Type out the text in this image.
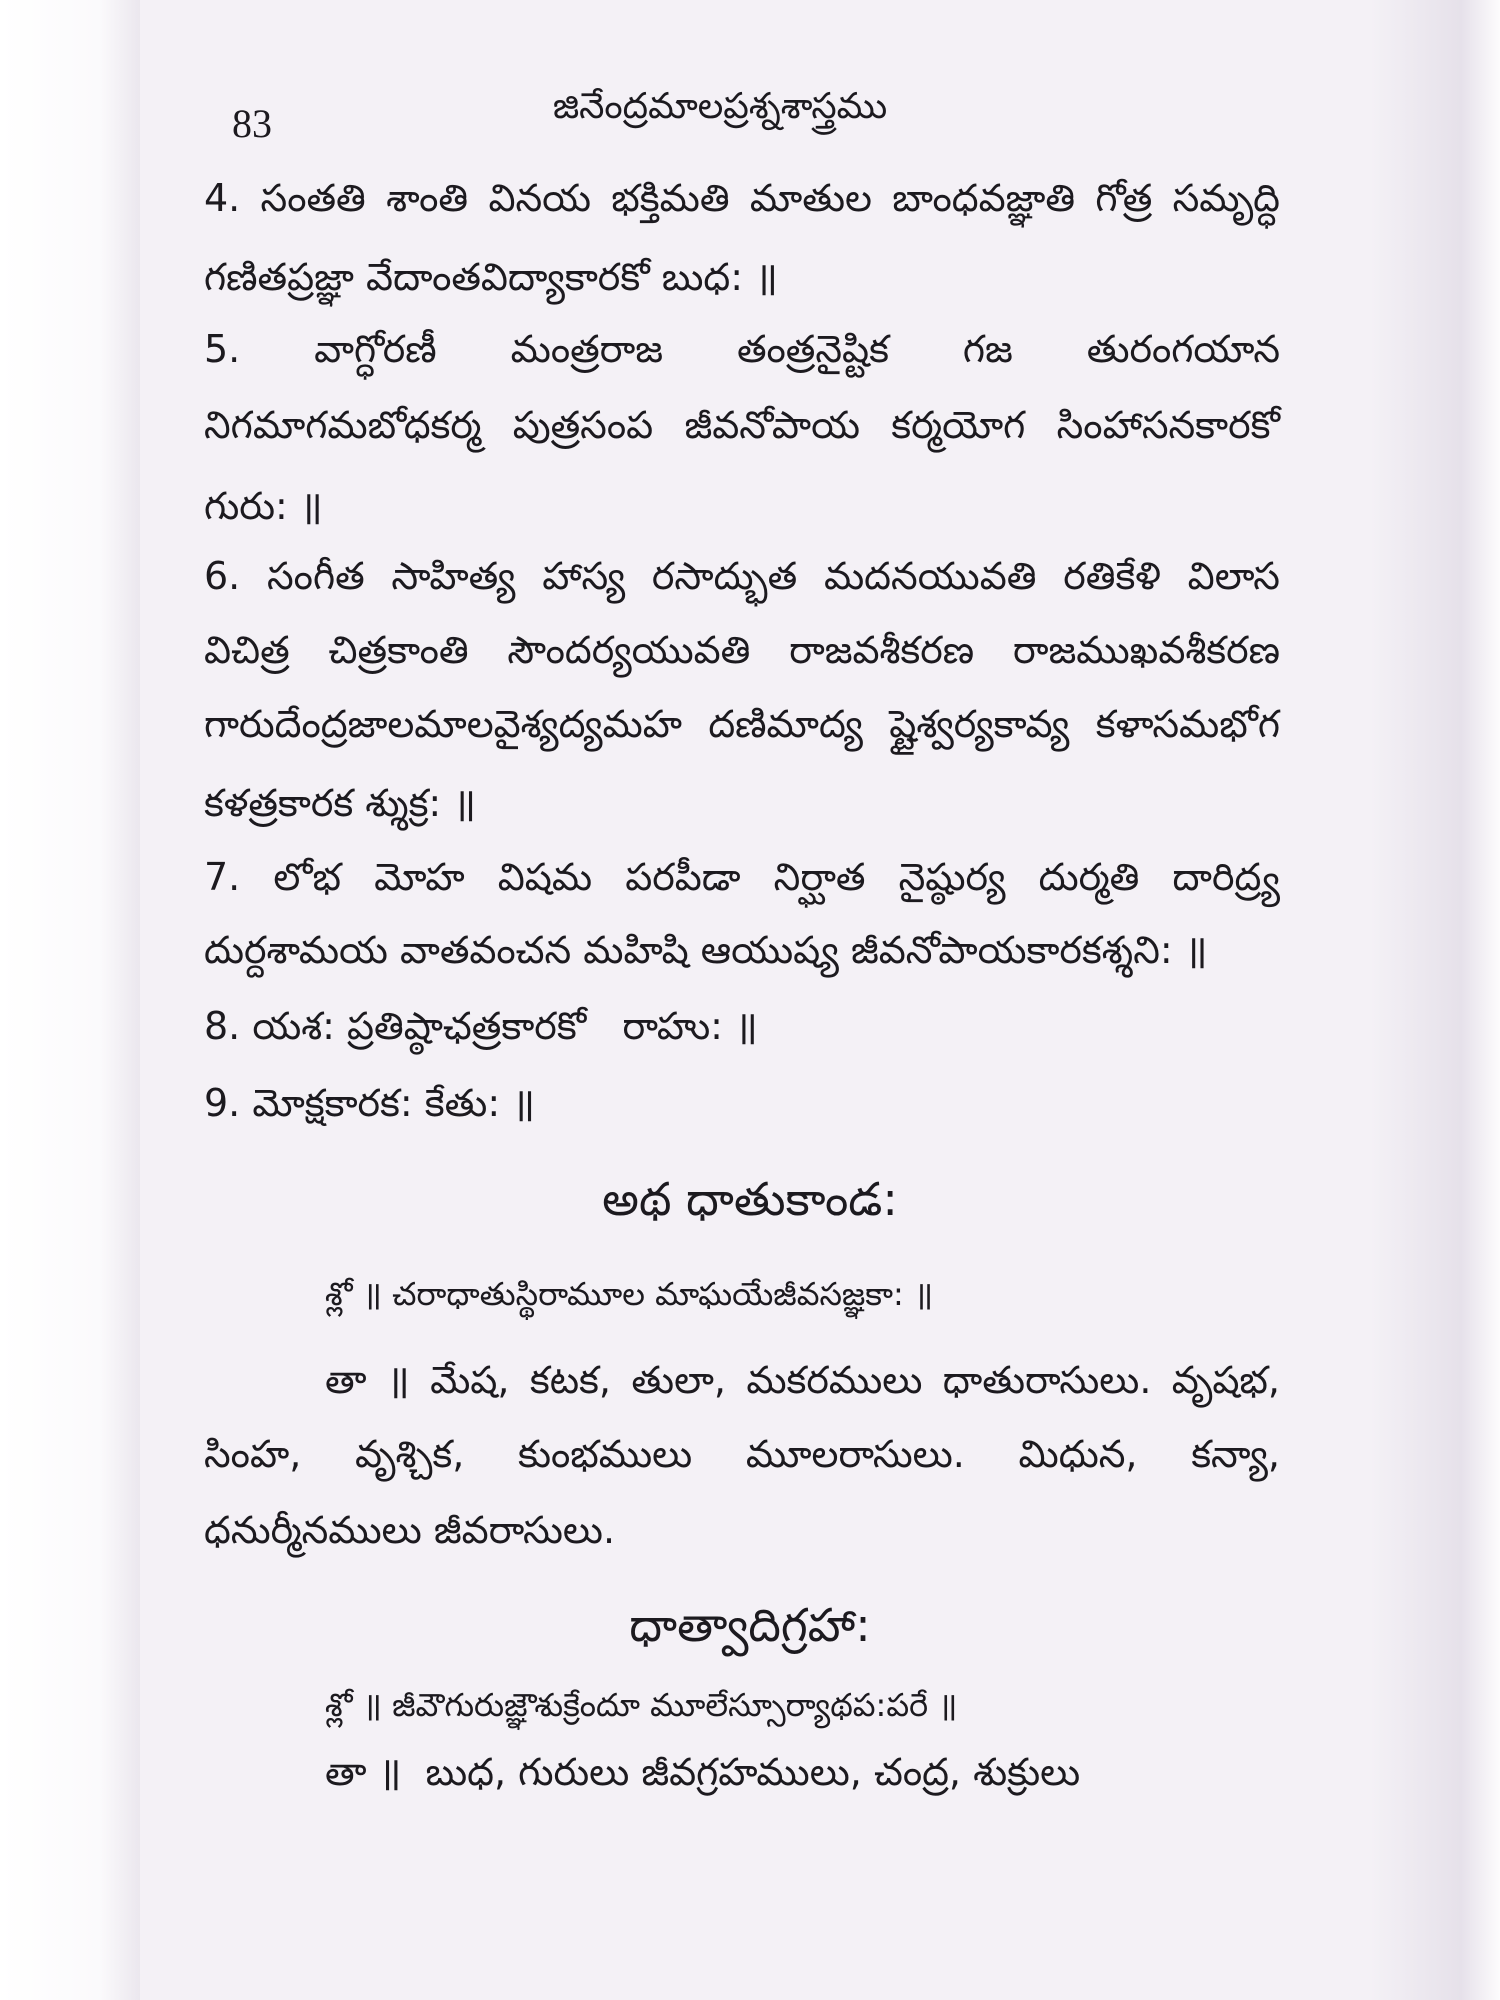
83	జినేంద్రమాలప్రశ్నశాస్త్రము
4. సంతతి శాంతి వినయ భక్తిమతి మాతుల బాంధవజ్ఞాతి గోత్ర సమృద్ధి
గణితప్రజ్ఞా వేదాంతవిద్యాకారకో బుధ: ॥
5. వాగ్ధోరణీ మంత్రరాజ తంత్రనైష్టిక గజ తురంగయాన
నిగమాగమబోధకర్మ పుత్రసంప జీవనోపాయ కర్మయోగ సింహాసనకారకో
గురు: ॥
6. సంగీత సాహిత్య హాస్య రసాద్భుత మదనయువతి రతికేళి విలాస
విచిత్ర చిత్రకాంతి సౌందర్యయువతి రాజవశీకరణ రాజముఖవశీకరణ
గారుదేంద్రజాలమాలవైశ్యద్యమహ దణిమాద్య ష్టైశ్వర్యకావ్య కళాసమభోగ
కళత్రకారక శ్శుక్ర: ॥
7. లోభ మోహ విషమ పరపీడా నిర్ఘాత నైష్ఠుర్య దుర్మతి దారిద్ర్య
దుర్దశామయ వాతవంచన మహిషి ఆయుష్య జీవనోపాయకారకశ్శని: ॥
8. యశ: ప్రతిష్ఠాఛత్రకారకో   రాహు: ॥
9. మోక్షకారక: కేతు: ॥
అథ ధాతుకాండ:
శ్లో ॥ చరాధాతుస్థిరామూల మాఘయేజీవసజ్ఞకా: ॥
తా ॥ మేష, కటక, తులా, మకరములు ధాతురాసులు. వృషభ,
సింహ, వృశ్చిక, కుంభములు మూలరాసులు. మిధున, కన్యా,
ధనుర్మీనములు జీవరాసులు.
ధాత్వాదిగ్రహా:
శ్లో ॥ జీవౌగురుజ్ఞౌశుక్రేందూ మూలేస్సూర్యాథప:పరే ॥
తా ॥  బుధ, గురులు జీవగ్రహములు, చంద్ర, శుక్రులు
